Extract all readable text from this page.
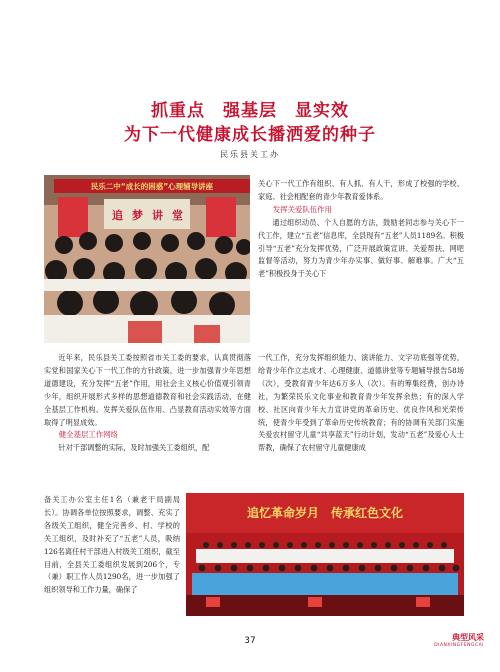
抓重点　强基层　显实效
为下一代健康成长播洒爱的种子

民乐县关工办

民乐二中“成长的困惑”心理辅导讲座
追 梦 讲 堂
追忆革命岁月　传承红色文化

近年来，民乐县关工委按照省市关工委的要求，认真贯彻落实党和国家关心下一代工作的方针政策，进一步加强青少年思想道德建设，充分发挥“五老”作用，用社会主义核心价值观引领青少年，组织开展形式多样的思想道德教育和社会实践活动，在健全基层工作机构、发挥关爱队伍作用、凸显教育活动实效等方面取得了明显成效。

健全基层工作网络

针对干部调整的实际，及时加强关工委组织，配

备关工办公室主任1名（兼老干局副局长）。协调各单位按照要求，调整、充实了各级关工组织，健全完善乡、村、学校的关工组织，及时补充了“五老”人员，吸纳126名离任村干部进入村级关工组织，截至目前，全县关工委组织发展到206个，专（兼）职工作人员1290名，进一步加强了组织领导和工作力量，确保了

关心下一代工作有组织、有人抓、有人干，形成了校强的学校、家庭、社会相配套的青少年教育爱体系。

发挥关爱队伍作用

通过组织动员、个人自愿的方法，鼓励老同志参与关心下一代工作，建立“五老”信息库，全县现有“五老”人员1189名。积极引导“五老”充分发挥优势，广泛开展政策宣讲、关爱帮扶、网吧监督等活动，努力为青少年办实事、做好事、解难事。广大“五老”积极投身于关心下

一代工作，充分发挥组织能力、演讲能力、文字功底强等优势，给青少年作立志成才、心理健康、道德讲堂等专题辅导报告58场（次），受教育青少年达6万多人（次）。有的筹集经费，创办诗社，为繁荣民乐文化事业和教育青少年发挥余热；有的深入学校、社区向青少年大力宣讲党的革命历史、优良作风和光荣传统，使青少年受到了革命历史传统教育；有的协调有关部门实施关爱农村留守儿童“共享蓝天”行动计划，发动“五老”及爱心人士帮教，确保了农村留守儿童健康成

37	典型风采
DIANXINGFENGCAI
